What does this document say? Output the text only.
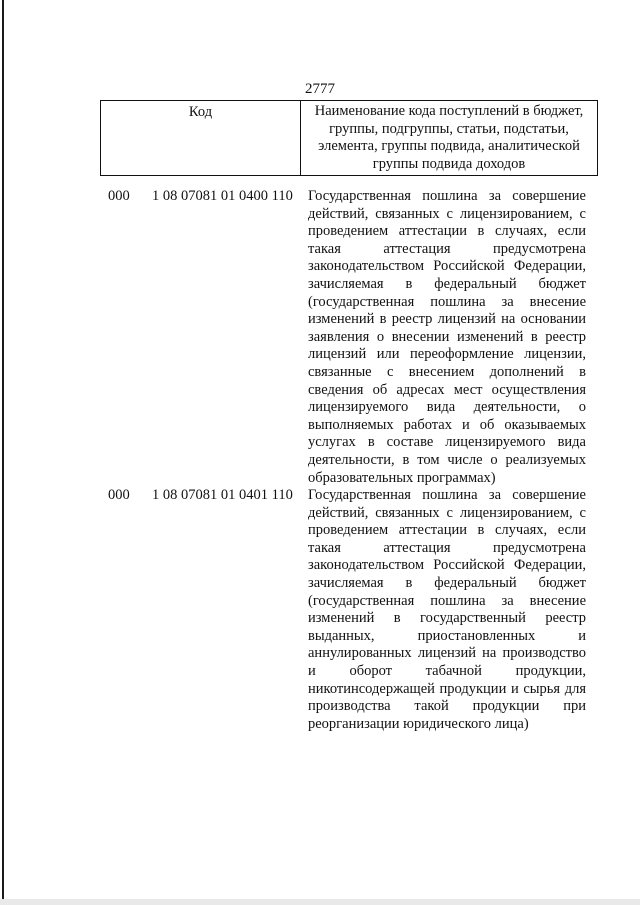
2777
Код	Наименование кода поступлений в бюджет, группы, подгруппы, статьи, подстатьи, элемента, группы подвида, аналитической группы подвида доходов
000	1 08 07081 01 0400 110	Государственная пошлина за совершение действий, связанных с лицензированием, с проведением аттестации в случаях, если такая аттестация предусмотрена законодательством Российской Федерации, зачисляемая в федеральный бюджет (государственная пошлина за внесение изменений в реестр лицензий на основании заявления о внесении изменений в реестр лицензий или переоформление лицензии, связанные с внесением дополнений в сведения об адресах мест осуществления лицензируемого вида деятельности, о выполняемых работах и об оказываемых услугах в составе лицензируемого вида деятельности, в том числе о реализуемых образовательных программах)
000	1 08 07081 01 0401 110	Государственная пошлина за совершение действий, связанных с лицензированием, с проведением аттестации в случаях, если такая аттестация предусмотрена законодательством Российской Федерации, зачисляемая в федеральный бюджет (государственная пошлина за внесение изменений в государственный реестр выданных, приостановленных и аннулированных лицензий на производство и оборот табачной продукции, никотинсодержащей продукции и сырья для производства такой продукции при реорганизации юридического лица)
